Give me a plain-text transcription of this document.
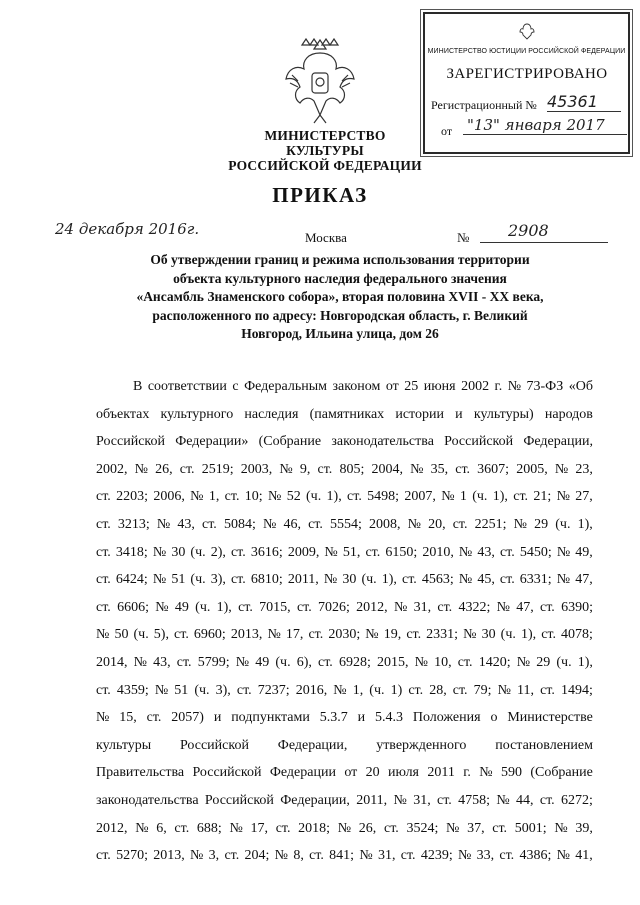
МИНИСТЕРСТВО КУЛЬТУРЫ
РОССИЙСКОЙ ФЕДЕРАЦИИ
МИНИСТЕРСТВО ЮСТИЦИИ РОССИЙСКОЙ ФЕДЕРАЦИИ
ЗАРЕГИСТРИРОВАНО
Регистрационный № 45361
от "13" января 2017
ПРИКАЗ
24 декабря 2016г.	Москва	№ 2908
Об утверждении границ и режима использования территории
объекта культурного наследия федерального значения
«Ансамбль Знаменского собора», вторая половина XVII - XX века,
расположенного по адресу: Новгородская область, г. Великий
Новгород, Ильина улица, дом 26
В соответствии с Федеральным законом от 25 июня 2002 г. № 73-ФЗ «Об
объектах культурного наследия (памятниках истории и культуры) народов
Российской Федерации» (Собрание законодательства Российской Федерации,
2002, № 26, ст. 2519; 2003, № 9, ст. 805; 2004, № 35, ст. 3607; 2005, № 23,
ст. 2203; 2006, № 1, ст. 10; № 52 (ч. 1), ст. 5498; 2007, № 1 (ч. 1), ст. 21; № 27,
ст. 3213; № 43, ст. 5084; № 46, ст. 5554; 2008, № 20, ст. 2251; № 29 (ч. 1),
ст. 3418; № 30 (ч. 2), ст. 3616; 2009, № 51, ст. 6150; 2010, № 43, ст. 5450; № 49,
ст. 6424; № 51 (ч. 3), ст. 6810; 2011, № 30 (ч. 1), ст. 4563; № 45, ст. 6331; № 47,
ст. 6606; № 49 (ч. 1), ст. 7015, ст. 7026; 2012, № 31, ст. 4322; № 47, ст. 6390;
№ 50 (ч. 5), ст. 6960; 2013, № 17, ст. 2030; № 19, ст. 2331; № 30 (ч. 1), ст. 4078;
2014, № 43, ст. 5799; № 49 (ч. 6), ст. 6928; 2015, № 10, ст. 1420; № 29 (ч. 1),
ст. 4359; № 51 (ч. 3), ст. 7237; 2016, № 1, (ч. 1) ст. 28, ст. 79; № 11, ст. 1494;
№ 15, ст. 2057) и подпунктами 5.3.7 и 5.4.3 Положения о Министерстве
культуры Российской Федерации, утвержденного постановлением
Правительства Российской Федерации от 20 июля 2011 г. № 590 (Собрание
законодательства Российской Федерации, 2011, № 31, ст. 4758; № 44, ст. 6272;
2012, № 6, ст. 688; № 17, ст. 2018; № 26, ст. 3524; № 37, ст. 5001; № 39,
ст. 5270; 2013, № 3, ст. 204; № 8, ст. 841; № 31, ст. 4239; № 33, ст. 4386; № 41,
